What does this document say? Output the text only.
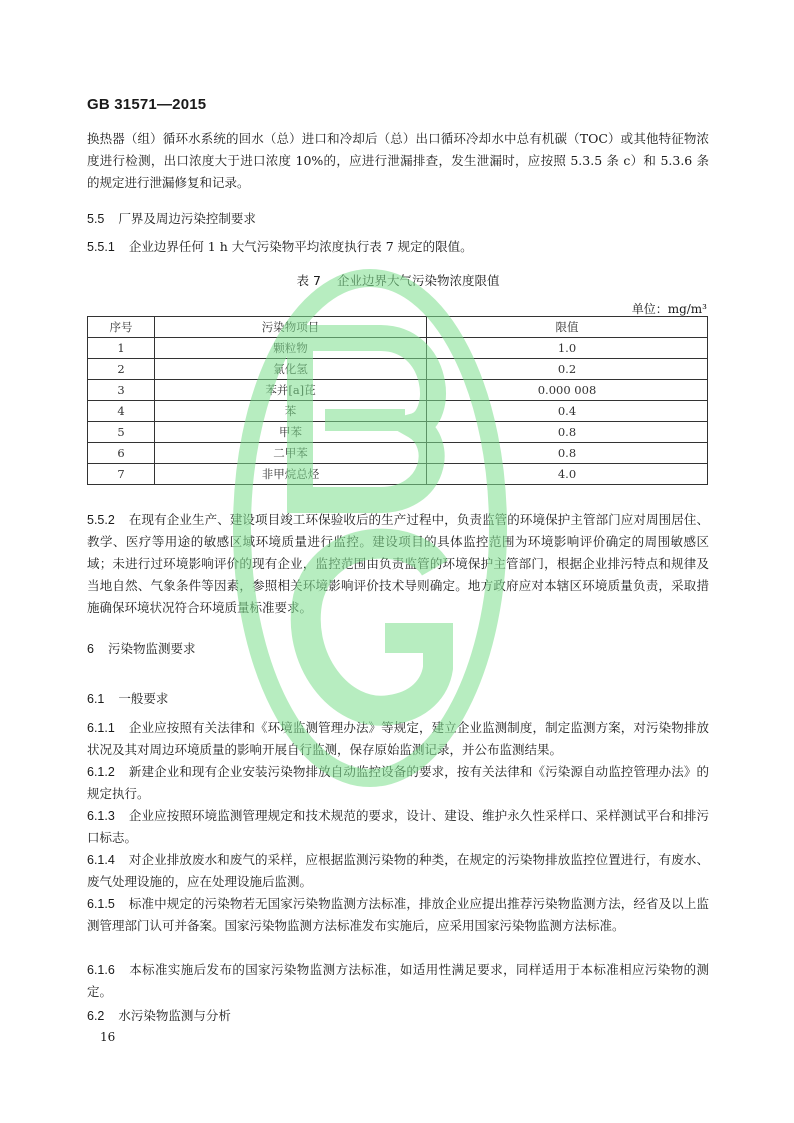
GB 31571—2015

换热器（组）循环水系统的回水（总）进口和冷却后（总）出口循环冷却水中总有机碳（TOC）或其他特征物浓度进行检测，出口浓度大于进口浓度 10%的，应进行泄漏排查，发生泄漏时，应按照 5.3.5 条 c）和 5.3.6 条的规定进行泄漏修复和记录。

5.5 厂界及周边污染控制要求

5.5.1 企业边界任何 1 h 大气污染物平均浓度执行表 7 规定的限值。

表 7 企业边界大气污染物浓度限值
单位：mg/m³
序号	污染物项目	限值
1	颗粒物	1.0
2	氯化氢	0.2
3	苯并[a]芘	0.000 008
4	苯	0.4
5	甲苯	0.8
6	二甲苯	0.8
7	非甲烷总烃	4.0

5.5.2 在现有企业生产、建设项目竣工环保验收后的生产过程中，负责监管的环境保护主管部门应对周围居住、教学、医疗等用途的敏感区域环境质量进行监控。建设项目的具体监控范围为环境影响评价确定的周围敏感区域；未进行过环境影响评价的现有企业，监控范围由负责监管的环境保护主管部门，根据企业排污特点和规律及当地自然、气象条件等因素，参照相关环境影响评价技术导则确定。地方政府应对本辖区环境质量负责，采取措施确保环境状况符合环境质量标准要求。

6 污染物监测要求
6.1 一般要求

6.1.1 企业应按照有关法律和《环境监测管理办法》等规定，建立企业监测制度，制定监测方案，对污染物排放状况及其对周边环境质量的影响开展自行监测，保存原始监测记录，并公布监测结果。

6.1.2 新建企业和现有企业安装污染物排放自动监控设备的要求，按有关法律和《污染源自动监控管理办法》的规定执行。

6.1.3 企业应按照环境监测管理规定和技术规范的要求，设计、建设、维护永久性采样口、采样测试平台和排污口标志。

6.1.4 对企业排放废水和废气的采样，应根据监测污染物的种类，在规定的污染物排放监控位置进行，有废水、废气处理设施的，应在处理设施后监测。

6.1.5 标准中规定的污染物若无国家污染物监测方法标准，排放企业应提出推荐污染物监测方法，经省及以上监测管理部门认可并备案。国家污染物监测方法标准发布实施后，应采用国家污染物监测方法标准。

6.1.6 本标准实施后发布的国家污染物监测方法标准，如适用性满足要求，同样适用于本标准相应污染物的测定。

6.2 水污染物监测与分析
16
